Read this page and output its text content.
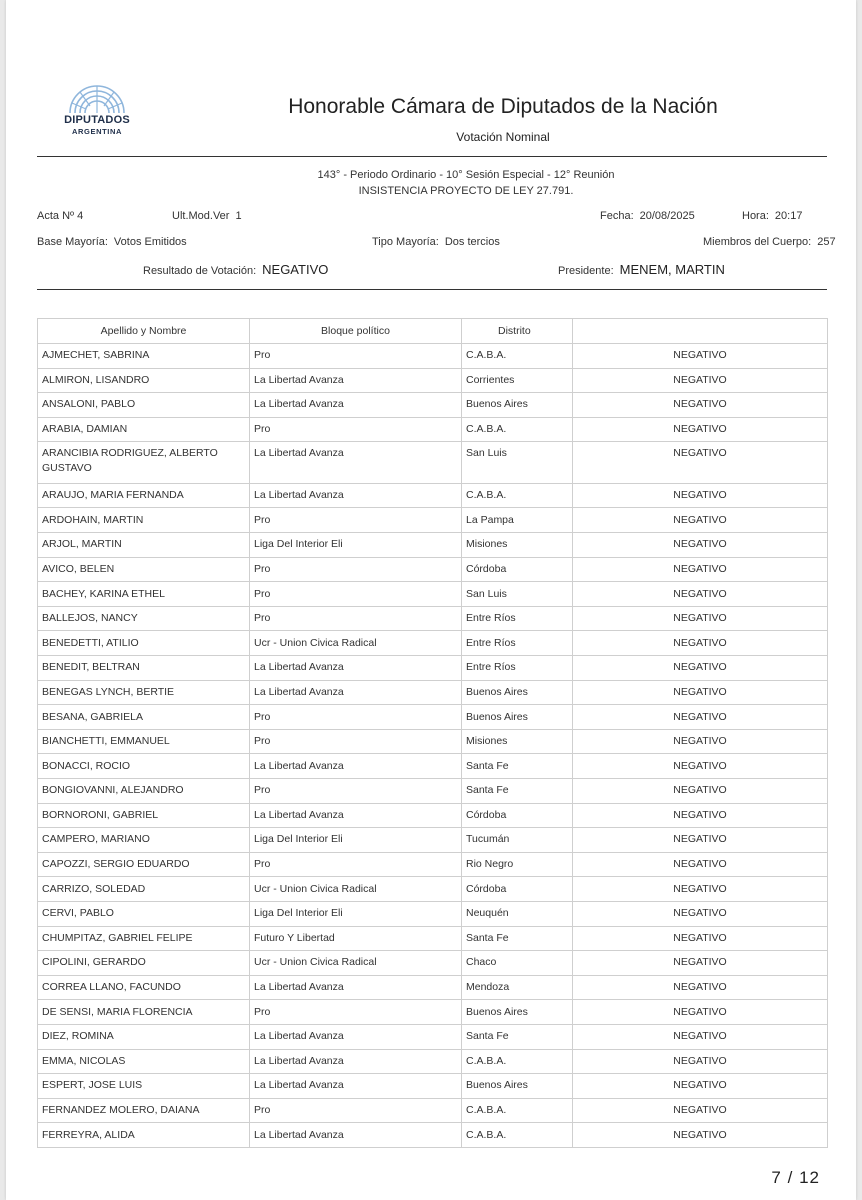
DIPUTADOS
ARGENTINA
Honorable Cámara de Diputados de la Nación
Votación Nominal
143° - Periodo Ordinario - 10° Sesión Especial - 12° Reunión
INSISTENCIA PROYECTO DE LEY 27.791.
Acta Nº 4	Ult.Mod.Ver 1	Fecha: 20/08/2025	Hora: 20:17
Base Mayoría: Votos Emitidos	Tipo Mayoría: Dos tercios	Miembros del Cuerpo: 257
Resultado de Votación: NEGATIVO	Presidente: MENEM, MARTIN
Apellido y Nombre	Bloque político	Distrito	
AJMECHET, SABRINA	Pro	C.A.B.A.	NEGATIVO
ALMIRON, LISANDRO	La Libertad Avanza	Corrientes	NEGATIVO
ANSALONI, PABLO	La Libertad Avanza	Buenos Aires	NEGATIVO
ARABIA, DAMIAN	Pro	C.A.B.A.	NEGATIVO
ARANCIBIA RODRIGUEZ, ALBERTO GUSTAVO	La Libertad Avanza	San Luis	NEGATIVO
ARAUJO, MARIA FERNANDA	La Libertad Avanza	C.A.B.A.	NEGATIVO
ARDOHAIN, MARTIN	Pro	La Pampa	NEGATIVO
ARJOL, MARTIN	Liga Del Interior Eli	Misiones	NEGATIVO
AVICO, BELEN	Pro	Córdoba	NEGATIVO
BACHEY, KARINA ETHEL	Pro	San Luis	NEGATIVO
BALLEJOS, NANCY	Pro	Entre Ríos	NEGATIVO
BENEDETTI, ATILIO	Ucr - Union Civica Radical	Entre Ríos	NEGATIVO
BENEDIT, BELTRAN	La Libertad Avanza	Entre Ríos	NEGATIVO
BENEGAS LYNCH, BERTIE	La Libertad Avanza	Buenos Aires	NEGATIVO
BESANA, GABRIELA	Pro	Buenos Aires	NEGATIVO
BIANCHETTI, EMMANUEL	Pro	Misiones	NEGATIVO
BONACCI, ROCIO	La Libertad Avanza	Santa Fe	NEGATIVO
BONGIOVANNI, ALEJANDRO	Pro	Santa Fe	NEGATIVO
BORNORONI, GABRIEL	La Libertad Avanza	Córdoba	NEGATIVO
CAMPERO, MARIANO	Liga Del Interior Eli	Tucumán	NEGATIVO
CAPOZZI, SERGIO EDUARDO	Pro	Rio Negro	NEGATIVO
CARRIZO, SOLEDAD	Ucr - Union Civica Radical	Córdoba	NEGATIVO
CERVI, PABLO	Liga Del Interior Eli	Neuquén	NEGATIVO
CHUMPITAZ, GABRIEL FELIPE	Futuro Y Libertad	Santa Fe	NEGATIVO
CIPOLINI, GERARDO	Ucr - Union Civica Radical	Chaco	NEGATIVO
CORREA LLANO, FACUNDO	La Libertad Avanza	Mendoza	NEGATIVO
DE SENSI, MARIA FLORENCIA	Pro	Buenos Aires	NEGATIVO
DIEZ, ROMINA	La Libertad Avanza	Santa Fe	NEGATIVO
EMMA, NICOLAS	La Libertad Avanza	C.A.B.A.	NEGATIVO
ESPERT, JOSE LUIS	La Libertad Avanza	Buenos Aires	NEGATIVO
FERNANDEZ MOLERO, DAIANA	Pro	C.A.B.A.	NEGATIVO
FERREYRA, ALIDA	La Libertad Avanza	C.A.B.A.	NEGATIVO
7 / 12
